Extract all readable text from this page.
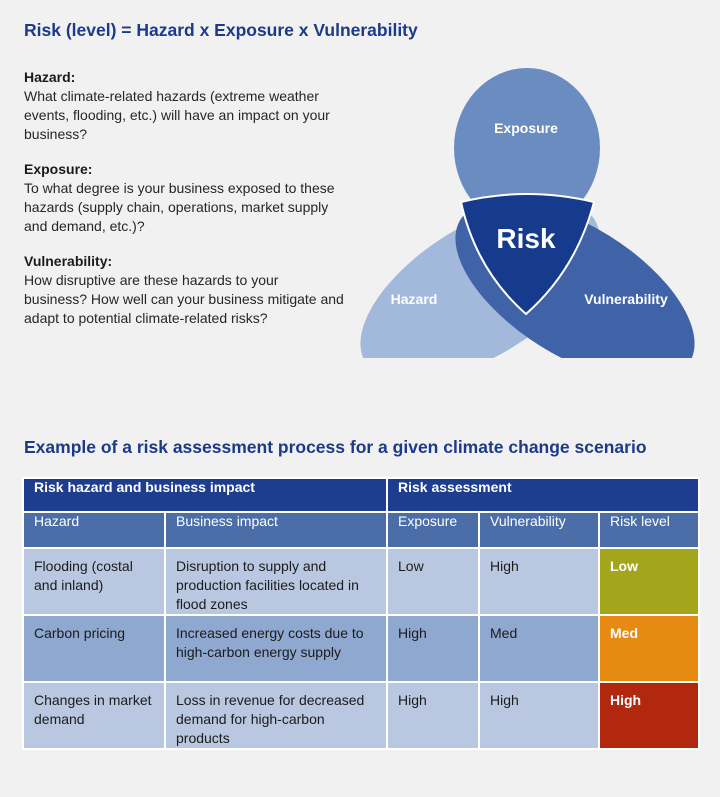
Risk (level) = Hazard x Exposure x Vulnerability
Hazard:
What climate-related hazards (extreme weather events, flooding, etc.) will have an impact on your business?
Exposure:
To what degree is your business exposed to these hazards (supply chain, operations, market supply and demand, etc.)?
Vulnerability:
How disruptive are these hazards to your business? How well can your business mitigate and adapt to potential climate-related risks?
Exposure
Hazard	Vulnerability
Risk
Example of a risk assessment process for a given climate change scenario
Risk hazard and business impact		Risk assessment		
Hazard	Business impact	Exposure	Vulnerability	Risk level
Flooding (costal and inland)	Disruption to supply and production facilities located in flood zones	Low	High	Low
Carbon pricing	Increased energy costs due to high-carbon energy supply	High	Med	Med
Changes in market demand	Loss in revenue for decreased demand for high-carbon products	High	High	High
